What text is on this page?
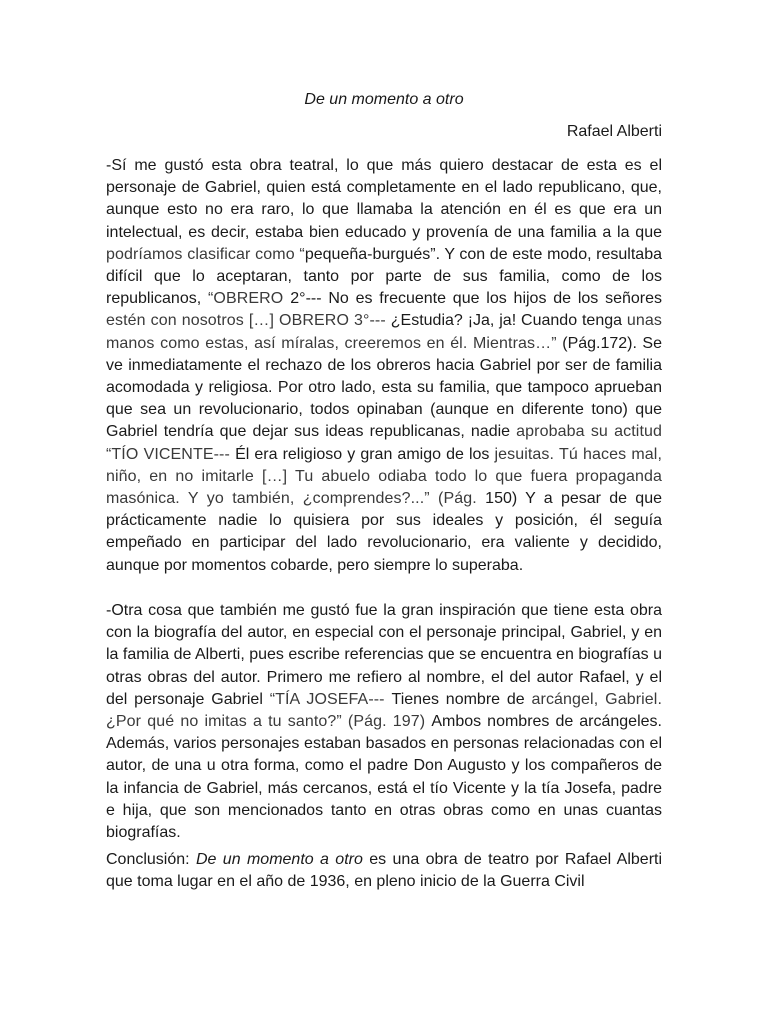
De un momento a otro
Rafael Alberti

-Sí me gustó esta obra teatral, lo que más quiero destacar de esta es el personaje de Gabriel, quien está completamente en el lado republicano, que, aunque esto no era raro, lo que llamaba la atención en él es que era un intelectual, es decir, estaba bien educado y provenía de una familia a la que podríamos clasificar como “pequeña-burgués”. Y con de este modo, resultaba difícil que lo aceptaran, tanto por parte de sus familia, como de los republicanos, “OBRERO 2°--- No es frecuente que los hijos de los señores estén con nosotros […] OBRERO 3°--- ¿Estudia? ¡Ja, ja! Cuando tenga unas manos como estas, así míralas, creeremos en él. Mientras…” (Pág.172). Se ve inmediatamente el rechazo de los obreros hacia Gabriel por ser de familia acomodada y religiosa. Por otro lado, esta su familia, que tampoco aprueban que sea un revolucionario, todos opinaban (aunque en diferente tono) que Gabriel tendría que dejar sus ideas republicanas, nadie aprobaba su actitud “TÍO VICENTE--- Él era religioso y gran amigo de los jesuitas. Tú haces mal, niño, en no imitarle […] Tu abuelo odiaba todo lo que fuera propaganda masónica. Y yo también, ¿comprendes?...” (Pág. 150) Y a pesar de que prácticamente nadie lo quisiera por sus ideales y posición, él seguía empeñado en participar del lado revolucionario, era valiente y decidido, aunque por momentos cobarde, pero siempre lo superaba.

-Otra cosa que también me gustó fue la gran inspiración que tiene esta obra con la biografía del autor, en especial con el personaje principal, Gabriel, y en la familia de Alberti, pues escribe referencias que se encuentra en biografías u otras obras del autor. Primero me refiero al nombre, el del autor Rafael, y el del personaje Gabriel “TÍA JOSEFA--- Tienes nombre de arcángel, Gabriel. ¿Por qué no imitas a tu santo?” (Pág. 197) Ambos nombres de arcángeles. Además, varios personajes estaban basados en personas relacionadas con el autor, de una u otra forma, como el padre Don Augusto y los compañeros de la infancia de Gabriel, más cercanos, está el tío Vicente y la tía Josefa, padre e hija, que son mencionados tanto en otras obras como en unas cuantas biografías.

Conclusión: De un momento a otro es una obra de teatro por Rafael Alberti que toma lugar en el año de 1936, en pleno inicio de la Guerra Civil
